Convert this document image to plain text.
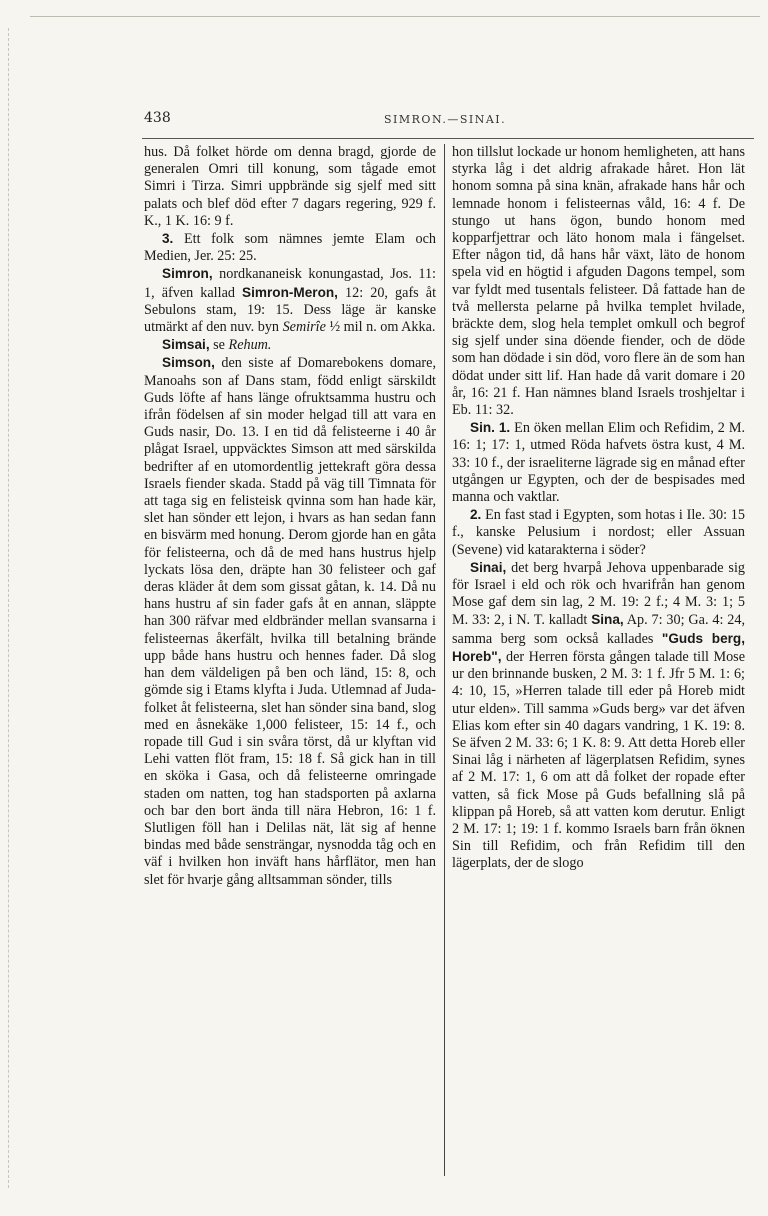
438	SIMRON.—SINAI.

hus. Då folket hörde om denna bragd, gjorde de generalen Omri till konung, som tågade emot Simri i Tirza. Simri uppbrände sig sjelf med sitt palats och blef död efter 7 dagars regering, 929 f. K., 1 K. 16: 9 f.

3. Ett folk som nämnes jemte Elam och Medien, Jer. 25: 25.

Simron, nordkananeisk konungastad, Jos. 11: 1, äfven kallad Simron-Meron, 12: 20, gafs åt Sebulons stam, 19: 15. Dess läge är kanske utmärkt af den nuv. byn Semirîe ½ mil n. om Akka.

Simsai, se Rehum.

Simson, den siste af Domarebokens domare, Manoahs son af Dans stam, född enligt särskildt Guds löfte af hans länge ofruktsamma hustru och ifrån födelsen af sin moder helgad till att vara en Guds nasir, Do. 13. I en tid då felisteerne i 40 år plågat Israel, uppväcktes Simson att med särskilda bedrifter af en utomordentlig jettekraft göra dessa Israels fiender skada. Stadd på väg till Timnata för att taga sig en felisteisk qvinna som han hade kär, slet han sönder ett lejon, i hvars as han sedan fann en bisvärm med honung. Derom gjorde han en gåta för felisteerna, och då de med hans hustrus hjelp lyckats lösa den, dräpte han 30 felisteer och gaf deras kläder åt dem som gissat gåtan, k. 14. Då nu hans hustru af sin fader gafs åt en annan, släppte han 300 räfvar med eldbränder mellan svansarna i felisteernas åkerfält, hvilka till betalning brände upp både hans hustru och hennes fader. Då slog han dem väldeligen på ben och länd, 15: 8, och gömde sig i Etams klyfta i Juda. Utlemnad af Juda-folket åt felisteerna, slet han sönder sina band, slog med en åsnekäke 1,000 felisteer, 15: 14 f., och ropade till Gud i sin svåra törst, då ur klyftan vid Lehi vatten flöt fram, 15: 18 f. Så gick han in till en sköka i Gasa, och då felisteerne omringade staden om natten, tog han stadsporten på axlarna och bar den bort ända till nära Hebron, 16: 1 f. Slutligen föll han i Delilas nät, lät sig af henne bindas med både sensträngar, nysnodda tåg och en väf i hvilken hon inväft hans hårflätor, men han slet för hvarje gång alltsamman sönder, tills

hon tillslut lockade ur honom hemligheten, att hans styrka låg i det aldrig afrakade håret. Hon lät honom somna på sina knän, afrakade hans hår och lemnade honom i felisteernas våld, 16: 4 f. De stungo ut hans ögon, bundo honom med kopparfjettrar och läto honom mala i fängelset. Efter någon tid, då hans hår växt, läto de honom spela vid en högtid i afguden Dagons tempel, som var fyldt med tusentals felisteer. Då fattade han de två mellersta pelarne på hvilka templet hvilade, bräckte dem, slog hela templet omkull och begrof sig sjelf under sina döende fiender, och de döde som han dödade i sin död, voro flere än de som han dödat under sitt lif. Han hade då varit domare i 20 år, 16: 21 f. Han nämnes bland Israels troshjeltar i Eb. 11: 32.

Sin. 1. En öken mellan Elim och Refidim, 2 M. 16: 1; 17: 1, utmed Röda hafvets östra kust, 4 M. 33: 10 f., der israeliterne lägrade sig en månad efter utgången ur Egypten, och der de bespisades med manna och vaktlar.

2. En fast stad i Egypten, som hotas i Ile. 30: 15 f., kanske Pelusium i nordost; eller Assuan (Sevene) vid katarakterna i söder?

Sinai, det berg hvarpå Jehova uppenbarade sig för Israel i eld och rök och hvarifrån han genom Mose gaf dem sin lag, 2 M. 19: 2 f.; 4 M. 3: 1; 5 M. 33: 2, i N. T. kalladt Sina, Ap. 7: 30; Ga. 4: 24, samma berg som också kallades "Guds berg, Horeb", der Herren första gången talade till Mose ur den brinnande busken, 2 M. 3: 1 f. Jfr 5 M. 1: 6; 4: 10, 15, »Herren talade till eder på Horeb midt utur elden». Till samma »Guds berg» var det äfven Elias kom efter sin 40 dagars vandring, 1 K. 19: 8. Se äfven 2 M. 33: 6; 1 K. 8: 9. Att detta Horeb eller Sinai låg i närheten af lägerplatsen Refidim, synes af 2 M. 17: 1, 6 om att då folket der ropade efter vatten, så fick Mose på Guds befallning slå på klippan på Horeb, så att vatten kom derutur. Enligt 2 M. 17: 1; 19: 1 f. kommo Israels barn från öknen Sin till Refidim, och från Refidim till den lägerplats, der de slogo
